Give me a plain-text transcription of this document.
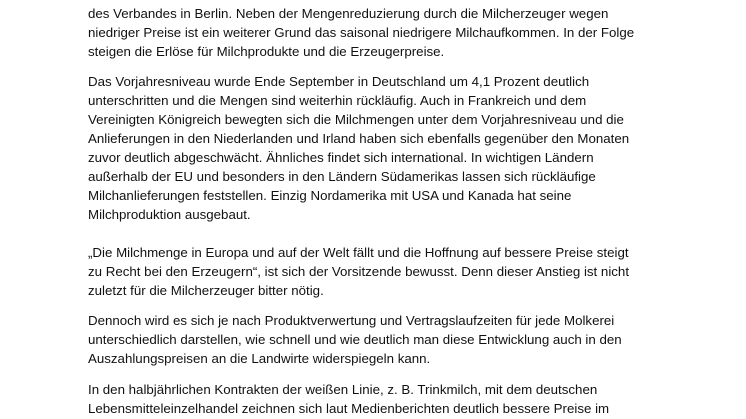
des Verbandes in Berlin. Neben der Mengenreduzierung durch die Milcherzeuger wegen

niedriger Preise ist ein weiterer Grund das saisonal niedrigere Milchaufkommen. In der Folge

steigen die Erlöse für Milchprodukte und die Erzeugerpreise.

Das Vorjahresniveau wurde Ende September in Deutschland um 4,1 Prozent deutlich

unterschritten und die Mengen sind weiterhin rückläufig. Auch in Frankreich und dem

Vereinigten Königreich bewegten sich die Milchmengen unter dem Vorjahresniveau und die

Anlieferungen in den Niederlanden und Irland haben sich ebenfalls gegenüber den Monaten

zuvor deutlich abgeschwächt. Ähnliches findet sich international. In wichtigen Ländern

außerhalb der EU und besonders in den Ländern Südamerikas lassen sich rückläufige

Milchanlieferungen feststellen. Einzig Nordamerika mit USA und Kanada hat seine

Milchproduktion ausgebaut.

„Die Milchmenge in Europa und auf der Welt fällt und die Hoffnung auf bessere Preise steigt

zu Recht bei den Erzeugern“, ist sich der Vorsitzende bewusst. Denn dieser Anstieg ist nicht

zuletzt für die Milcherzeuger bitter nötig.

Dennoch wird es sich je nach Produktverwertung und Vertragslaufzeiten für jede Molkerei

unterschiedlich darstellen, wie schnell und wie deutlich man diese Entwicklung auch in den

Auszahlungspreisen an die Landwirte widerspiegeln kann.

In den halbjährlichen Kontrakten der weißen Linie, z. B. Trinkmilch, mit dem deutschen

Lebensmitteleinzelhandel zeichnen sich laut Medienberichten deutlich bessere Preise im
